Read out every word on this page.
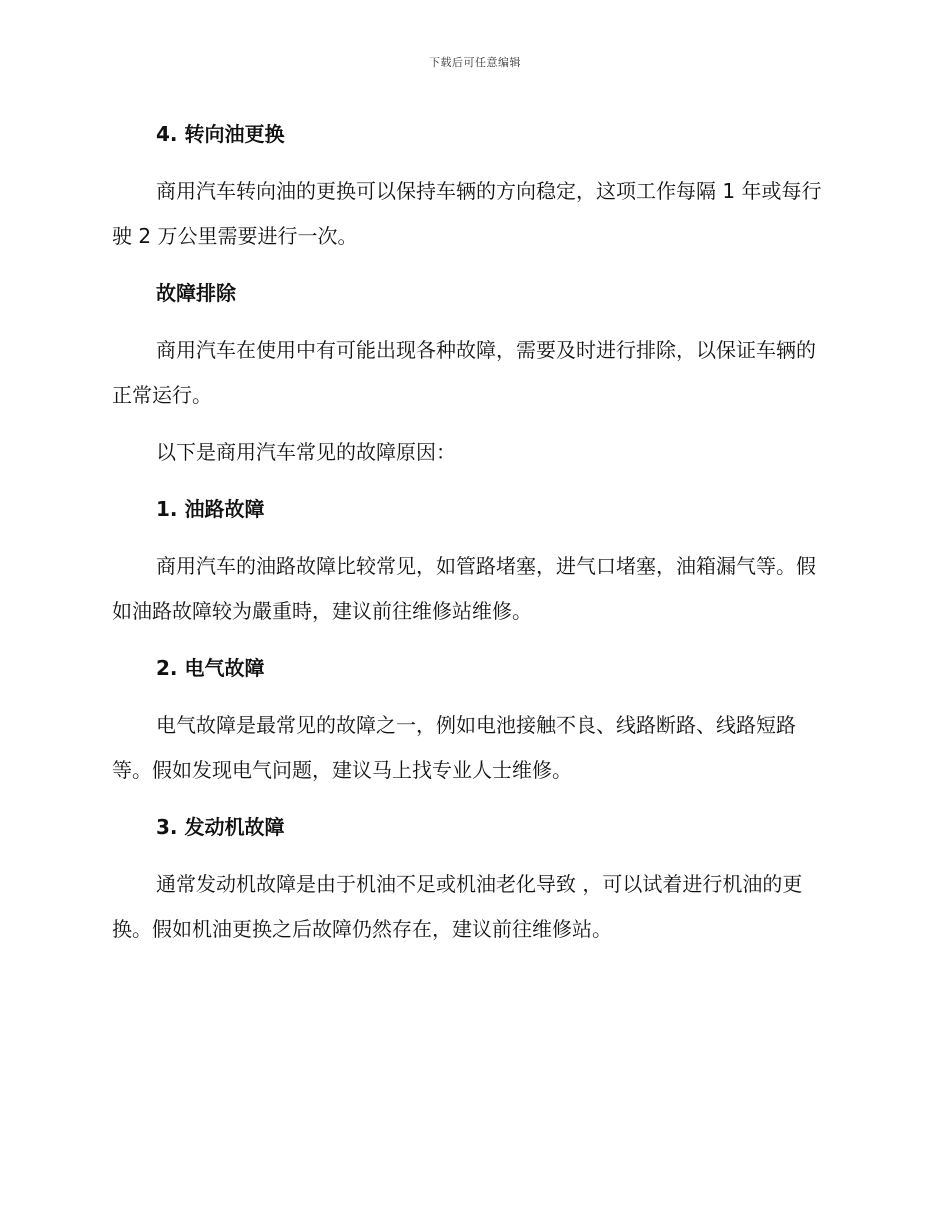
下载后可任意编辑
4. 转向油更换

商用汽车转向油的更换可以保持车辆的方向稳定，这项工作每隔 1 年或每行驶 2 万公里需要进行一次。

故障排除

商用汽车在使用中有可能出现各种故障，需要及时进行排除，以保证车辆的正常运行。

以下是商用汽车常见的故障原因：

1. 油路故障

商用汽车的油路故障比较常见，如管路堵塞，进气口堵塞，油箱漏气等。假如油路故障较为嚴重時，建议前往维修站维修。

2. 电气故障

电气故障是最常见的故障之一，例如电池接触不良、线路断路、线路短路等。假如发现电气问题，建议马上找专业人士维修。

3. 发动机故障

通常发动机故障是由于机油不足或机油老化导致 ，可以试着进行机油的更换。假如机油更换之后故障仍然存在，建议前往维修站。
